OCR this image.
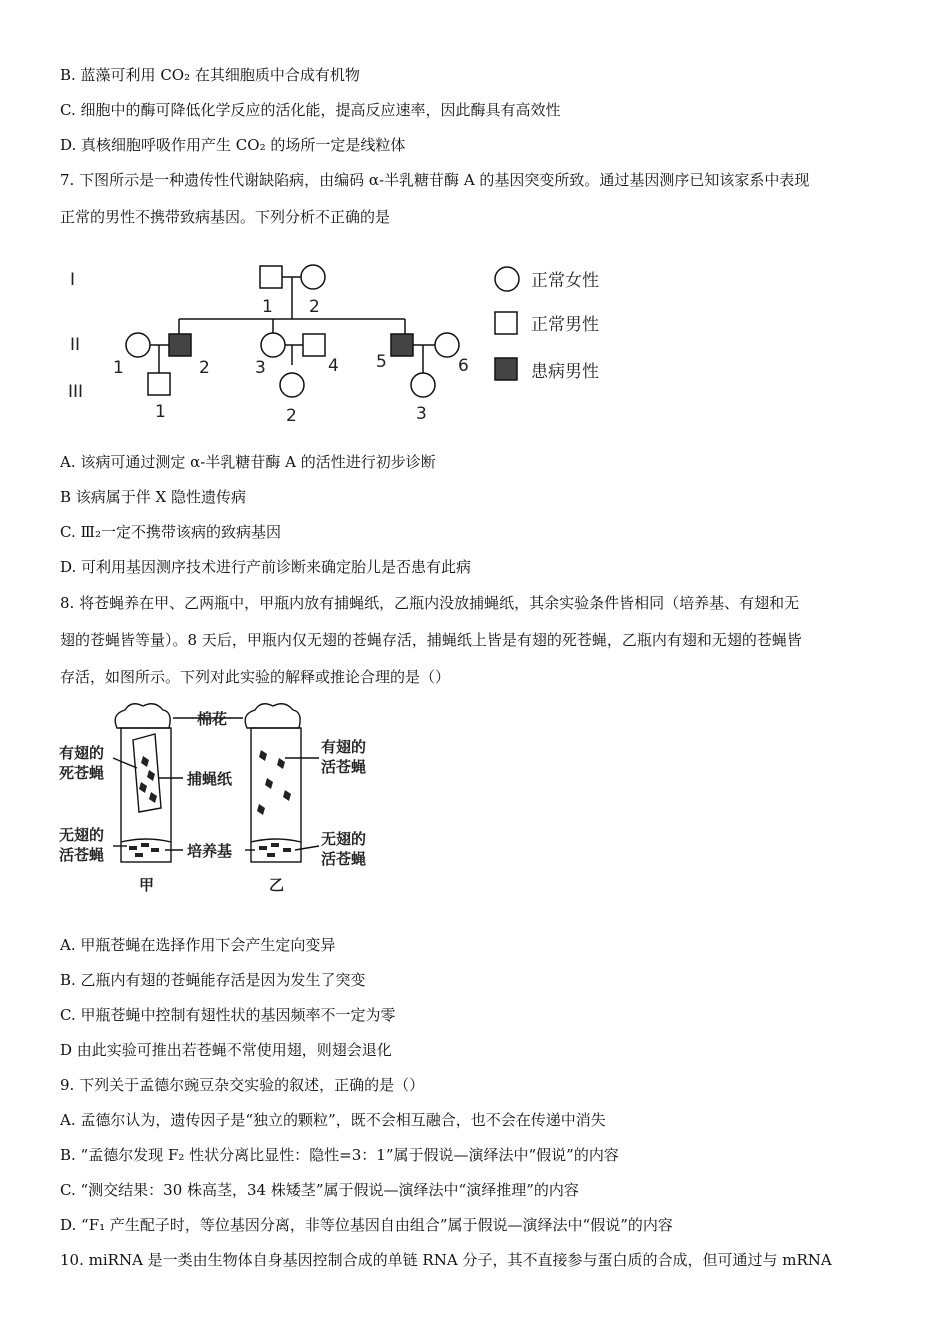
B. 蓝藻可利用 CO₂ 在其细胞质中合成有机物
C. 细胞中的酶可降低化学反应的活化能，提高反应速率，因此酶具有高效性
D. 真核细胞呼吸作用产生 CO₂ 的场所一定是线粒体
7. 下图所示是一种遗传性代谢缺陷病，由编码 α-半乳糖苷酶 A 的基因突变所致。通过基因测序已知该家系中表现
正常的男性不携带致病基因。下列分析不正确的是
I
II
III
1 2
1	2	3	4 5	6
1	2	3
正常女性
正常男性
患病男性
A. 该病可通过测定 α-半乳糖苷酶 A 的活性进行初步诊断
B 该病属于伴 X 隐性遗传病
C. Ⅲ₂一定不携带该病的致病基因
D. 可利用基因测序技术进行产前诊断来确定胎儿是否患有此病
8. 将苍蝇养在甲、乙两瓶中，甲瓶内放有捕蝇纸，乙瓶内没放捕蝇纸，其余实验条件皆相同（培养基、有翅和无
翅的苍蝇皆等量）。8 天后，甲瓶内仅无翅的苍蝇存活，捕蝇纸上皆是有翅的死苍蝇，乙瓶内有翅和无翅的苍蝇皆
存活，如图所示。下列对此实验的解释或推论合理的是（）
棉花
有翅的
死苍蝇	捕蝇纸
无翅的
活苍蝇	培养基
有翅的
活苍蝇
无翅的
活苍蝇
甲	乙
A. 甲瓶苍蝇在选择作用下会产生定向变异
B. 乙瓶内有翅的苍蝇能存活是因为发生了突变
C. 甲瓶苍蝇中控制有翅性状的基因频率不一定为零
D 由此实验可推出若苍蝇不常使用翅，则翅会退化
9. 下列关于孟德尔豌豆杂交实验的叙述，正确的是（）
A. 孟德尔认为，遗传因子是“独立的颗粒”，既不会相互融合，也不会在传递中消失
B. “孟德尔发现 F₂ 性状分离比显性：隐性=3：1”属于假说—演绎法中“假说”的内容
C. “测交结果：30 株高茎，34 株矮茎”属于假说—演绎法中“演绎推理”的内容
D. “F₁ 产生配子时，等位基因分离，非等位基因自由组合”属于假说—演绎法中“假说”的内容
10. miRNA 是一类由生物体自身基因控制合成的单链 RNA 分子，其不直接参与蛋白质的合成，但可通过与 mRNA
